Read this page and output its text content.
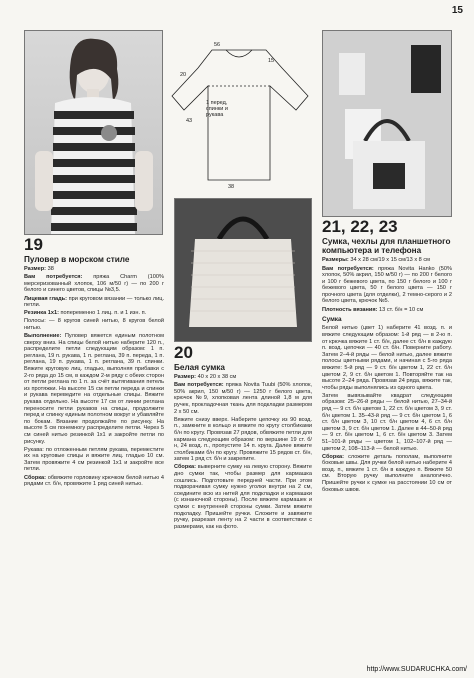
15
56
20
15
43
1 перед, спинки и рукава
38
19
Пуловер в морском стиле
Размер: 38
Вам потребуется: пряжа Charm (100% мерсеризованный хлопок, 106 м/50 г) — по 200 г белого и синего цветов, спицы №3,5.
Лицевая гладь: при круговом вязании — только лиц. петли.
Резинка 1х1: попеременно 1 лиц. п. и 1 изн. п.
Полосы: — 8 кругов синей нитью, 8 кругов белой нитью.
Выполнение: Пуловер вяжется единым полотном сверху вниз. На спицы белой нитью наберите 120 п., распределите петли следующим образом: 1 п. реглана, 19 п. рукава, 1 п. реглана, 39 п. переда, 1 п. реглана, 19 п. рукава, 1 п. реглана, 39 п. спинки. Вяжите круговую лиц. гладью, выполняя прибавки с 2-го ряда до 15 см, в каждом 2-м ряду с обеих сторон от петли реглана по 1 п. за счёт вытягивания петель из протяжки. На высоте 15 см петли переда и спинки и рукава переведите на отдельные спицы. Вяжите рукава отдельно. На высоте 17 см от линии реглана переносите петли рукавов на спицы, продолжите перед и спинку единым полотном вокруг и убавляйте по бокам. Вязание продолжайте по рисунку. На высоте 5 см понемногу распределите петли. Через 5 см синей нитью резинкой 1х1 и закройте петли по рисунку.
Рукава: по отложенным петлям рукава, переместите их на круговые спицы и вяжите лиц. гладью 10 см. Затем провяжите 4 см резинкой 1х1 и закройте все петли.
Сборка: обвяжите горловину крючком белой нитью 4 рядами ст. б/н, провяжите 1 ряд синей нитью.
20
Белая сумка
Размер: 40 х 20 х 38 см
Вам потребуется: пряжа Novita Tuubi (50% хлопок, 50% акрил, 150 м/50 г) — 1250 г белого цвета, крючок №9, хлопковая лента длиной 1,8 м для ручек, прокладочная ткань для подкладки размером 2 х 50 см.
Вяжите снизу вверх. Наберите цепочку из 90 возд. п., замкните в кольцо и вяжите по кругу столбиками б/н по кругу. Провязав 27 рядов, обвяжите петли для кармана следующим образом: по вершине 19 ст. б/н, 24 возд. п., пропустите 14 п. круга. Далее вяжите столбиками б/н по кругу. Провяжите 15 рядов ст. б/н, затем 1 ряд ст. б/н и закрепите.
Сборка: выверните сумку на левую сторону. Вяжите дно сумки так, чтобы размер для кармашка сошлись. Подготовьте передней части. При этом подворачивая сумку нужно уголки внутри на 2 см, соедините всю из нитей для подкладки и кармашки (с изнаночной стороны). После вяжите кармашек и сумки с внутренней стороны сумки. Затем вяжите подкладку. Пришейте ручки. Сложите и завяжите ручку, разрезая ленту на 2 части в соответствии с размерами, как на фото.
21, 22, 23
Сумка, чехлы для планшетного компьютера и телефона
Размеры: 34 х 28 см/19 х 15 см/13 х 8 см
Вам потребуется: пряжа Novita Hanko (50% хлопок, 50% акрил, 150 м/50 г) — по 200 г белого и 100 г бежевого цвета, по 150 г белого и 100 г бежевого цвета, 50 г белого цвета — 150 г прочного цвета (для отделки), 2 темно-серого и 2 белого цвета, крючок №5.
Плотность вязания: 13 ст. б/н = 10 см
Сумка
Белой нитью (цвет 1) наберите 41 возд. п. и вяжите следующим образом: 1-й ряд — в 2-ю п. от крючка вяжите 1 ст. б/н, далее ст. б/н в каждую п. возд. цепочки — 40 ст. б/н. Поверните работу. Затем 2–4-й ряды — белой нитью, далее вяжите полосы цветными рядами, и начиная с 5-го ряда вяжите: 5-й ряд — 9 ст. б/н цветом 1, 22 ст. б/н цветом 2, 9 ст. б/н цветом 1. Повторяйте так на высоте 2–24 ряда. Провязав 24 ряда, вяжите так, чтобы ряды выполнялись из одного цвета.
Затем вывязывайте квадрат следующим образом: 25–26-й ряды — белой нитью, 27–34-й ряд — 9 ст. б/н цветом 1, 22 ст. б/н цветом 3, 9 ст. б/н цветом 1. 35–43-й ряд — 9 ст. б/н цветом 1, 6 ст. б/н цветом 3, 10 ст. б/н цветом 4, 6 ст. б/н цветом 3, 9 ст. б/н цветом 1. Далее в 44–50-й ряд — 9 ст. б/н цветом 1, 6 ст. б/н цветом 3. Затем 51–101-й ряды — цветом 1, 102–107-й ряд — цветом 2, 108–113-й — белой нитью.
Сборка: сложите деталь пополам, выполните боковые швы. Для ручки белой нитью наберите 4 возд. п., вяжите 1 ст. б/н в каждую п. Вяжите 50 см. Вторую ручку выполните аналогично. Пришейте ручки к сумке на расстоянии 10 см от боковых швов.
http://www.SUDARUCHKA.com/
